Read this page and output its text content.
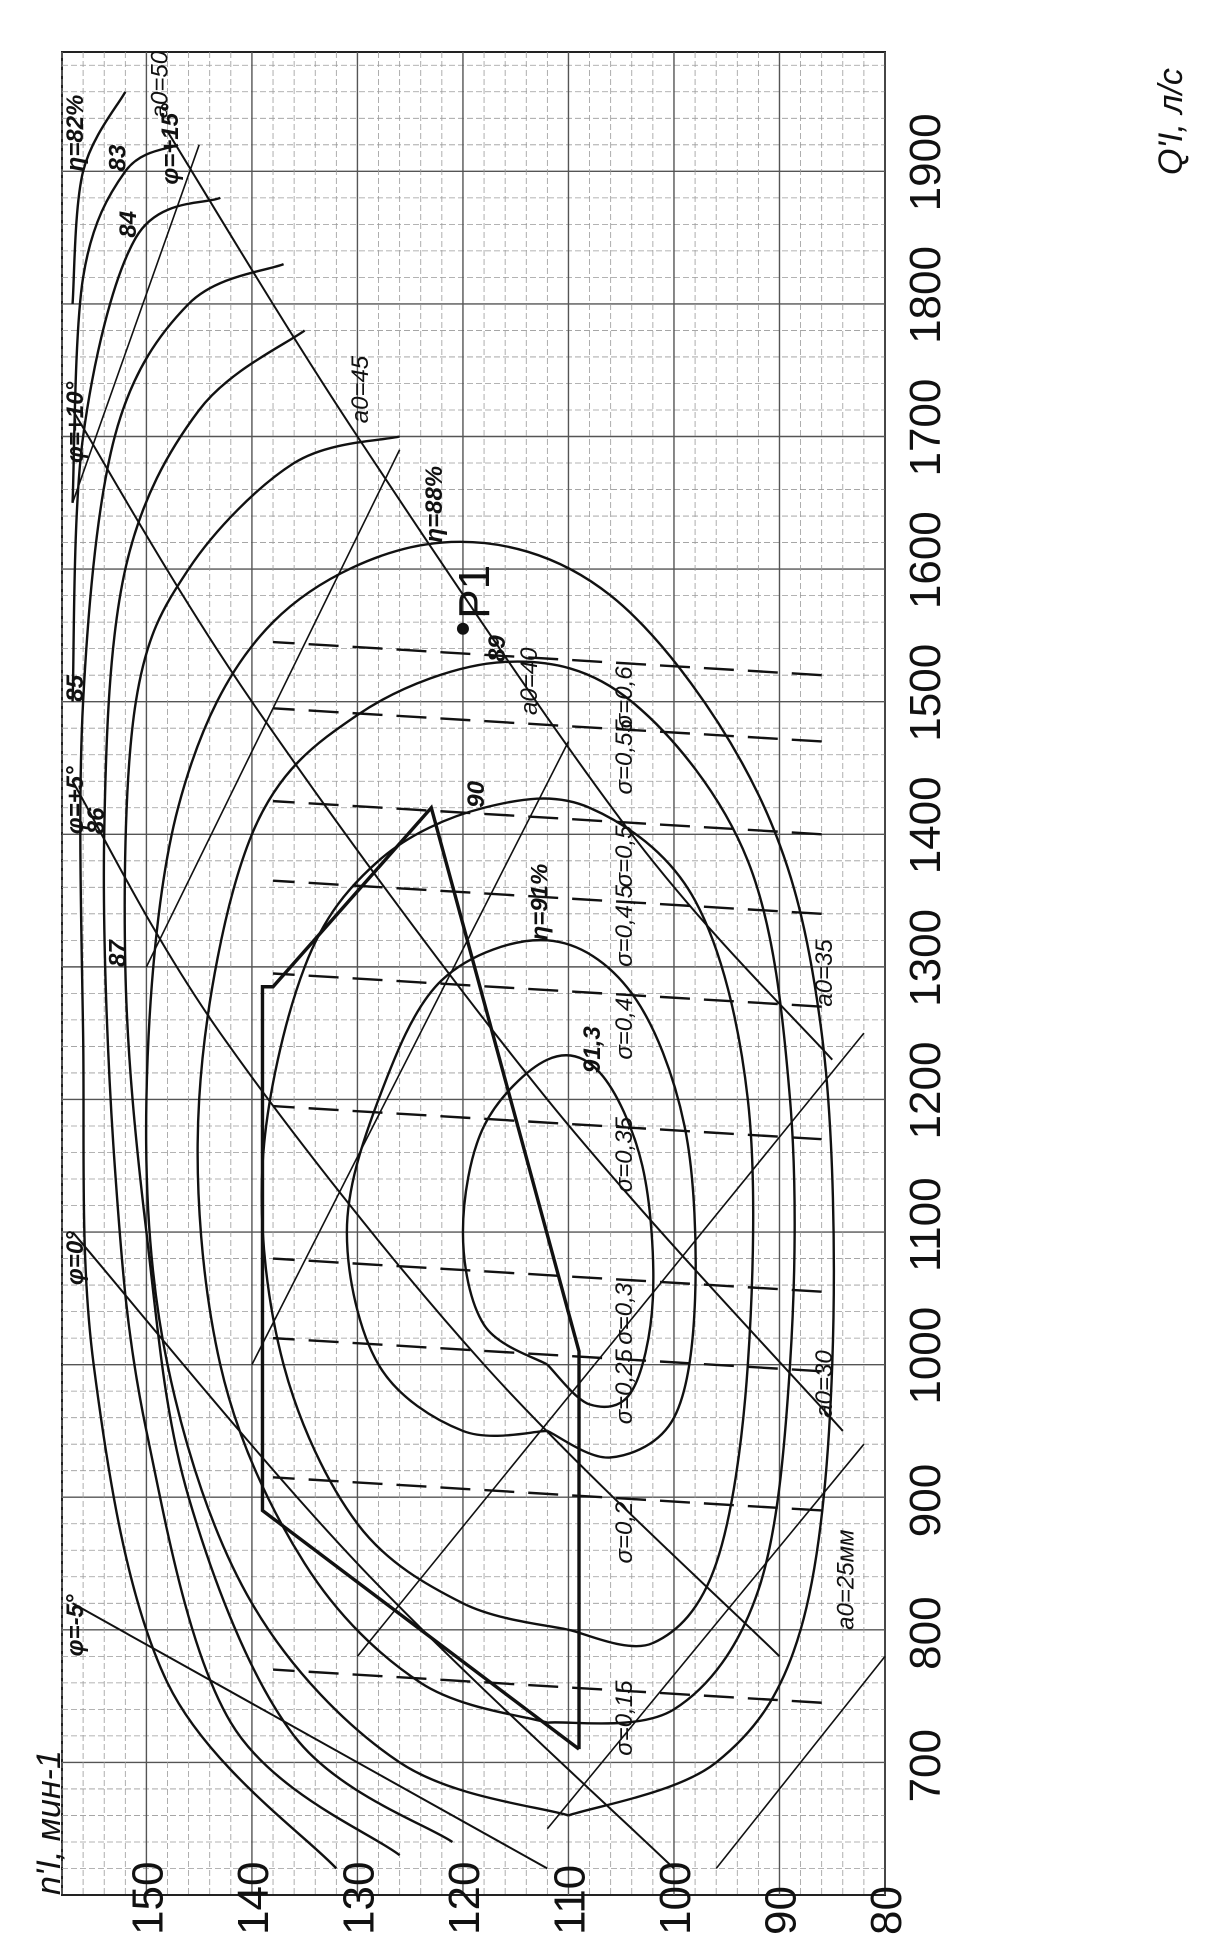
700
800
900
1000
1100
1200
1300
1400
1500
1600
1700
1800
1900
80
90
100
110
120
130
140
150
91,3
η=91%
90
89
η=88%
87
86
85
84
83
η=82%
φ=-5°
φ=0°
φ=+5°
φ=+10°
φ=+15°
a0=25мм
a0=30
a0=35
a0=40
a0=45
a0=50
σ=0,15
σ=0,2
σ=0,25
σ=0,3
σ=0,35
σ=0,4
σ=0,4,5
σ=0,5
σ=0,55
σ=0,6
P1
n'I, мин-1
Q'I, л/с
